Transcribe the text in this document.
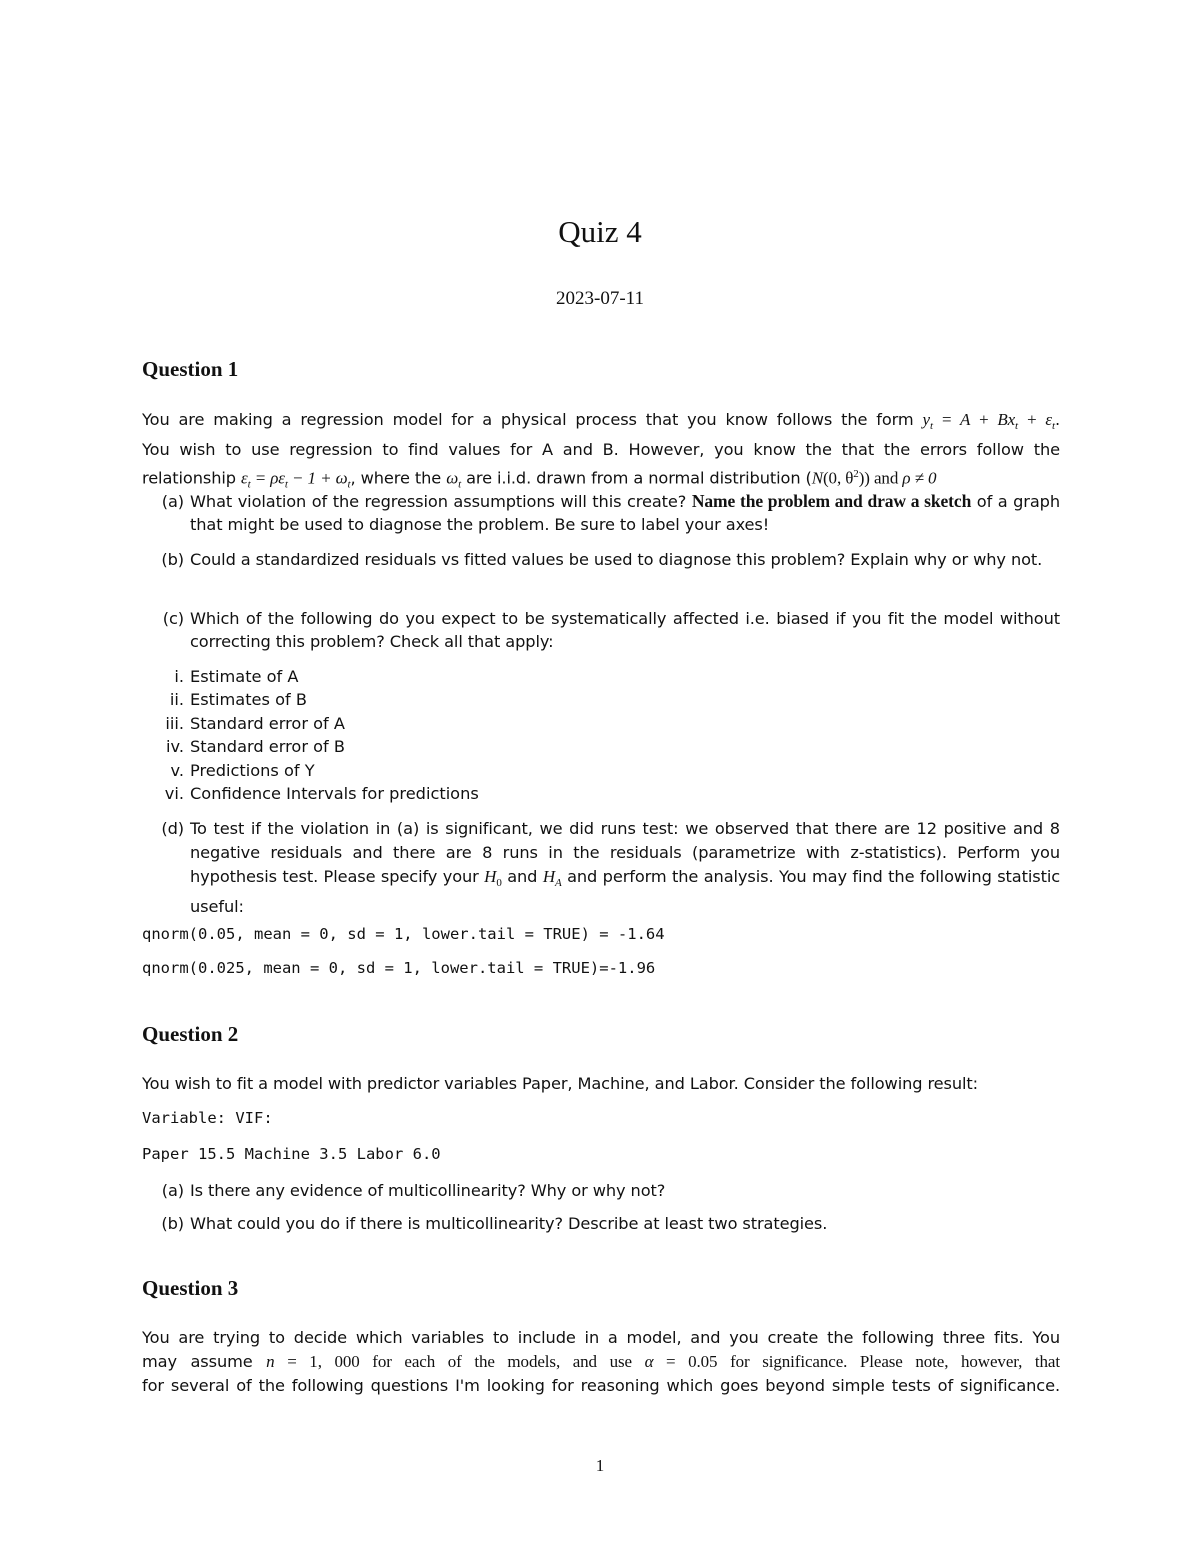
Quiz 4
2023-07-11
Question 1
You are making a regression model for a physical process that you know follows the form $y_t = A + Bx_t + \varepsilon_t$.
You wish to use regression to find values for A and B. However, you know the that the errors follow the
relationship $\varepsilon_t = \rho\varepsilon_t - 1 + \omega_t$, where the $\omega_t$ are i.i.d. drawn from a normal distribution (N(0, $\theta^2$)) and ρ ≠ 0
(a) What violation of the regression assumptions will this create? Name the problem and draw a sketch of a graph that might be used to diagnose the problem. Be sure to label your axes!
(b) Could a standardized residuals vs fitted values be used to diagnose this problem? Explain why or why not.
(c) Which of the following do you expect to be systematically affected i.e. biased if you fit the model without correcting this problem? Check all that apply:
i. Estimate of A
ii. Estimates of B
iii. Standard error of A
iv. Standard error of B
v. Predictions of Y
vi. Confidence Intervals for predictions
(d) To test if the violation in (a) is significant, we did runs test: we observed that there are 12 positive and 8 negative residuals and there are 8 runs in the residuals (parametrize with z-statistics). Perform you hypothesis test. Please specify your $H_0$ and $H_A$ and perform the analysis. You may find the following statistic useful:
qnorm(0.05, mean = 0, sd = 1, lower.tail = TRUE) = -1.64
qnorm(0.025, mean = 0, sd = 1, lower.tail = TRUE)=-1.96
Question 2
You wish to fit a model with predictor variables Paper, Machine, and Labor. Consider the following result:
Variable: VIF:
Paper 15.5 Machine 3.5 Labor 6.0
(a) Is there any evidence of multicollinearity? Why or why not?
(b) What could you do if there is multicollinearity? Describe at least two strategies.
Question 3
You are trying to decide which variables to include in a model, and you create the following three fits. You
may assume n = 1, 000 for each of the models, and use α = 0.05 for significance. Please note, however, that
for several of the following questions I'm looking for reasoning which goes beyond simple tests of significance.
1
